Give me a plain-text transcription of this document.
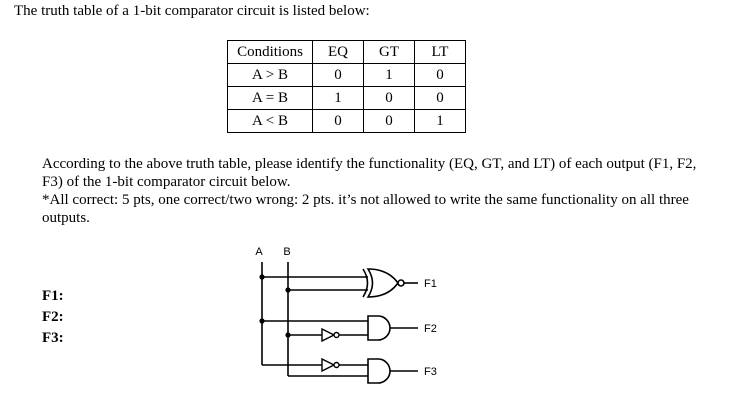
The truth table of a 1-bit comparator circuit is listed below:

Conditions	EQ	GT	LT
A > B	0	1	0
A = B	1	0	0
A < B	0	0	1

According to the above truth table, please identify the functionality (EQ, GT, and LT) of each output (F1, F2, F3) of the 1-bit comparator circuit below.

*All correct: 5 pts, one correct/two wrong: 2 pts. it’s not allowed to write the same functionality on all three outputs.

F1:
F2:
F3:
A B
F1
F2
F3
